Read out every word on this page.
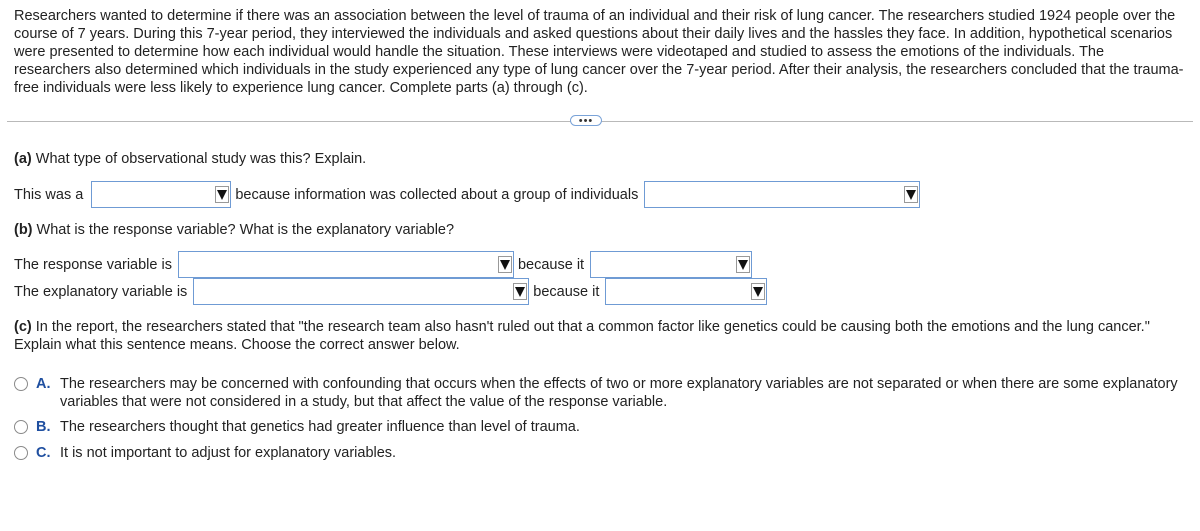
Researchers wanted to determine if there was an association between the level of trauma of an individual and their risk of lung cancer. The researchers studied 1924 people over the course of 7 years. During this 7-year period, they interviewed the individuals and asked questions about their daily lives and the hassles they face. In addition, hypothetical scenarios were presented to determine how each individual would handle the situation. These interviews were videotaped and studied to assess the emotions of the individuals. The researchers also determined which individuals in the study experienced any type of lung cancer over the 7-year period. After their analysis, the researchers concluded that the trauma-free individuals were less likely to experience lung cancer. Complete parts (a) through (c).
•••
(a) What type of observational study was this? Explain.
This was a	because information was collected about a group of individuals
(b) What is the response variable? What is the explanatory variable?
The response variable is	because it
The explanatory variable is	because it
(c) In the report, the researchers stated that "the research team also hasn't ruled out that a common factor like genetics could be causing both the emotions and the lung cancer." Explain what this sentence means. Choose the correct answer below.
A. The researchers may be concerned with confounding that occurs when the effects of two or more explanatory variables are not separated or when there are some explanatory variables that were not considered in a study, but that affect the value of the response variable.
B. The researchers thought that genetics had greater influence than level of trauma.
C. It is not important to adjust for explanatory variables.
